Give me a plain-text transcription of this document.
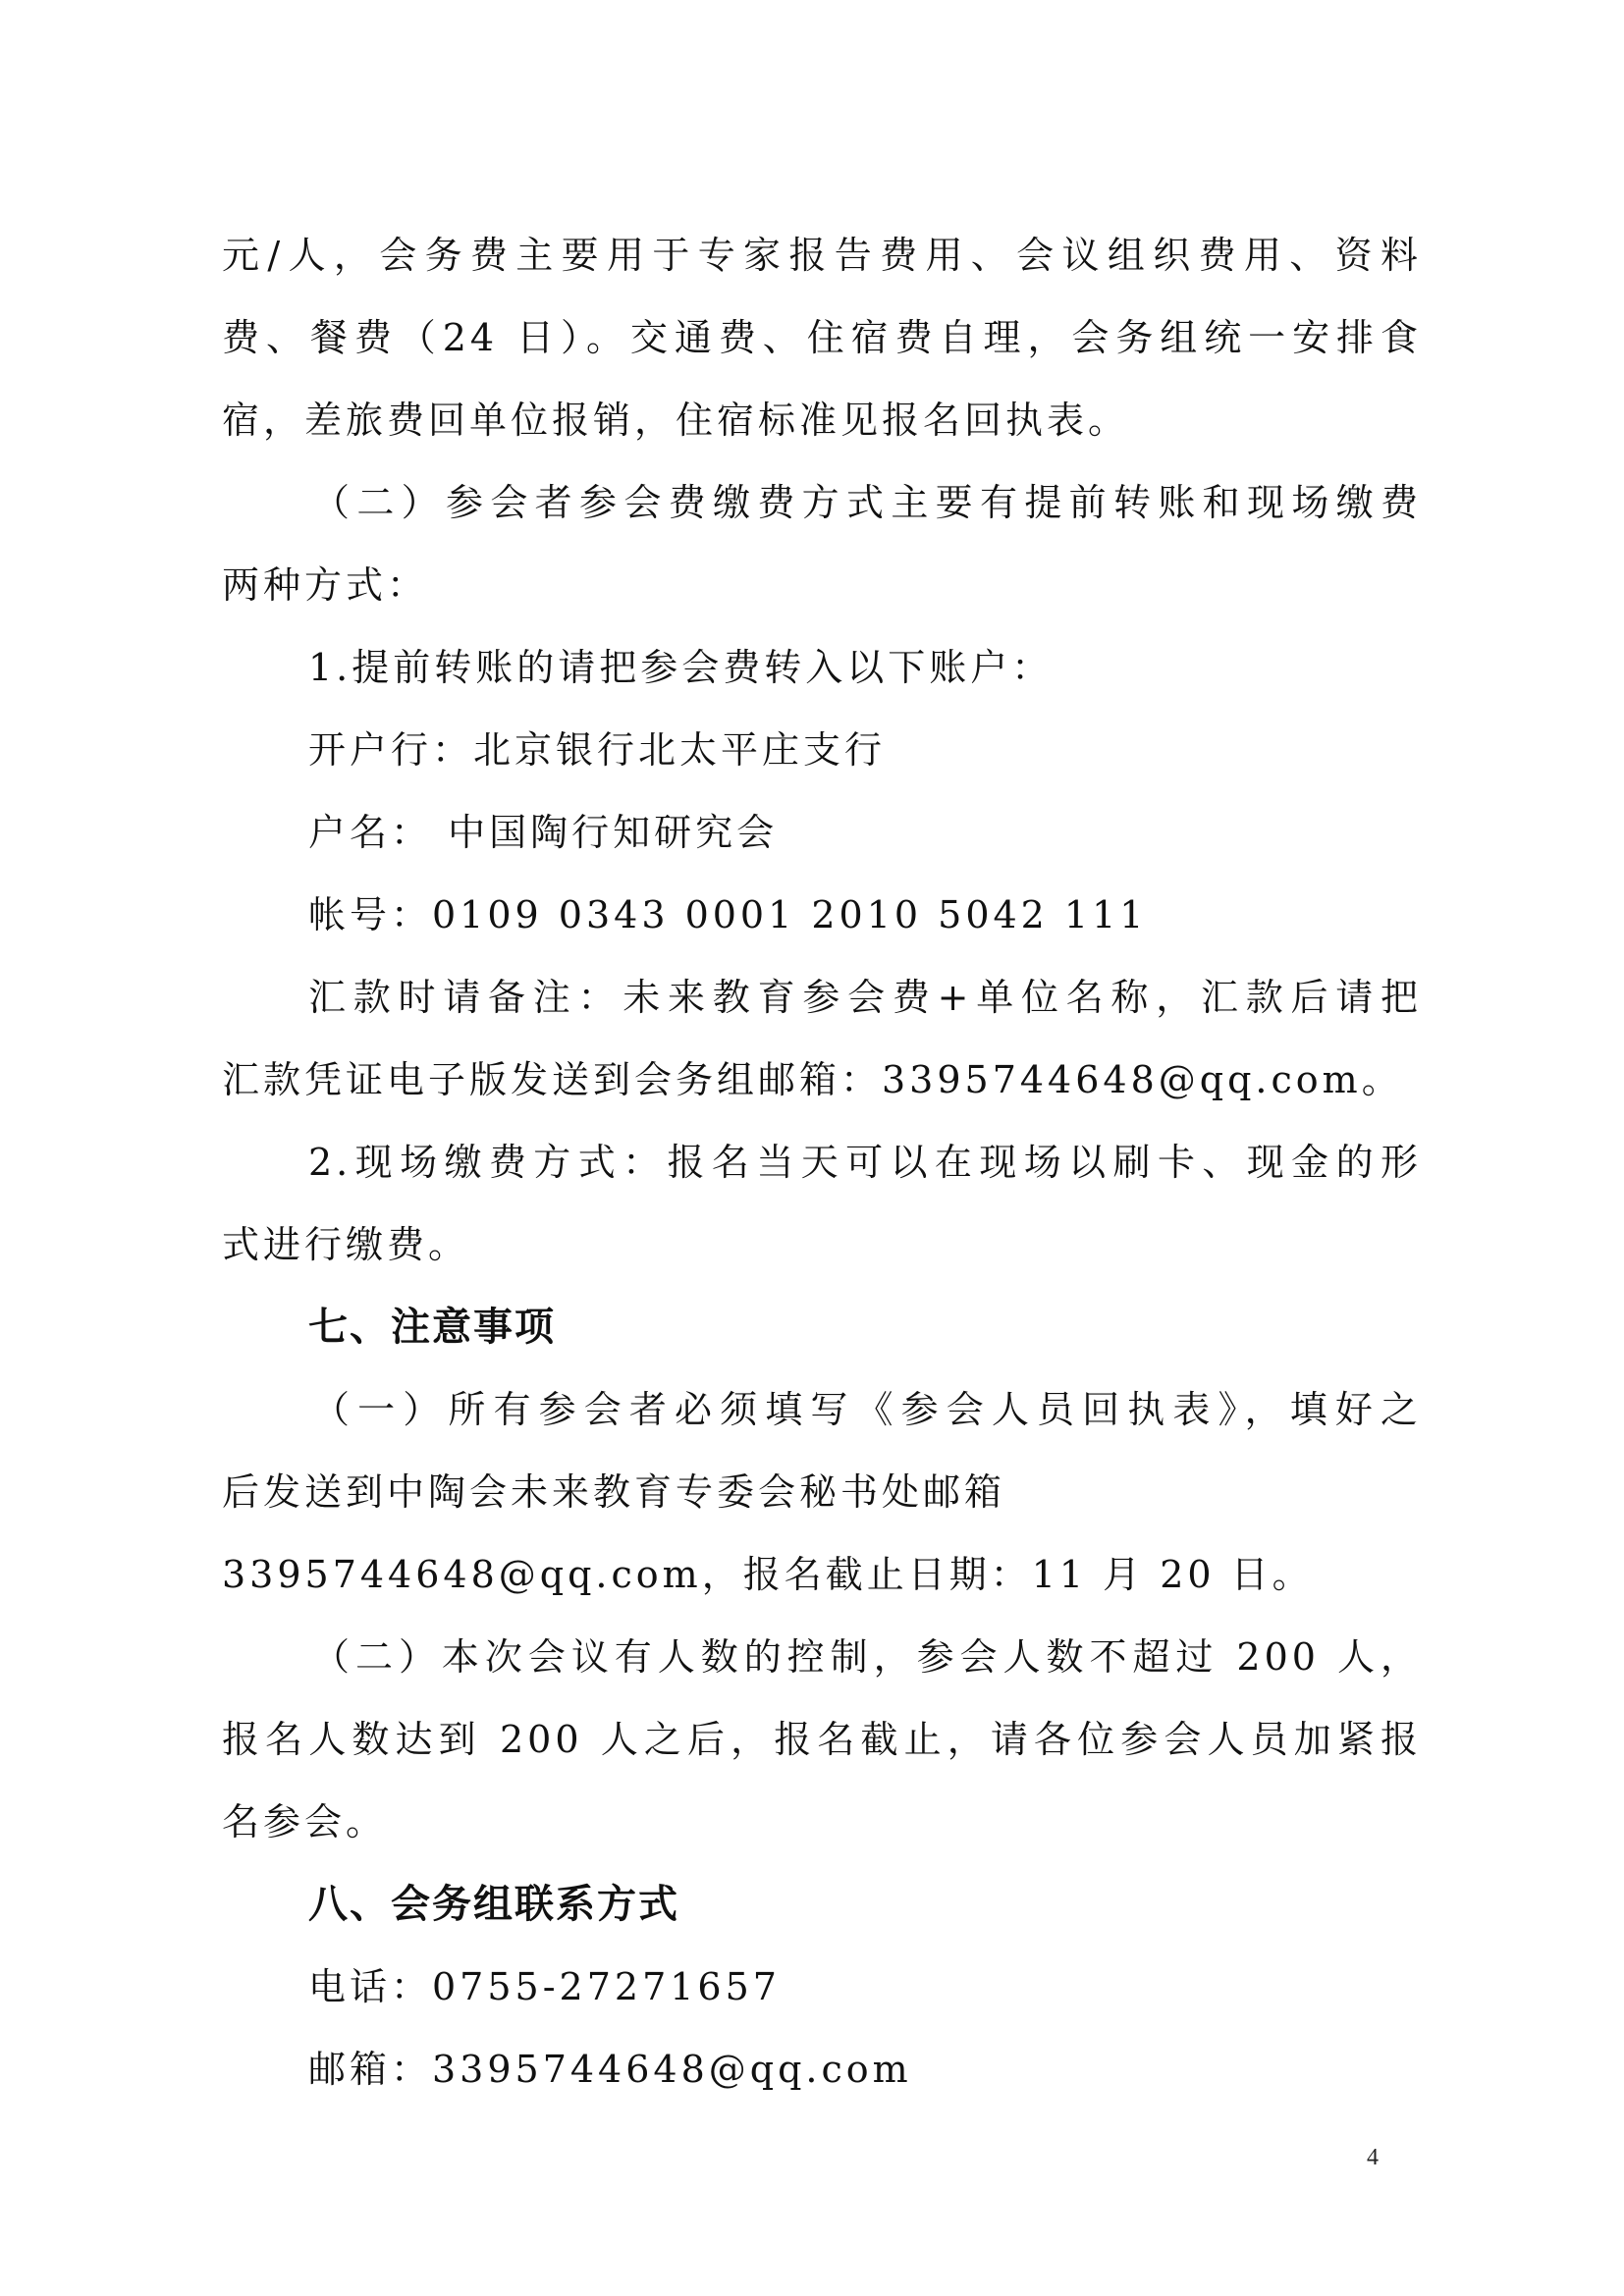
元/人，会务费主要用于专家报告费用、会议组织费用、资料
费、餐费（24 日）。交通费、住宿费自理，会务组统一安排食
宿，差旅费回单位报销，住宿标准见报名回执表。
（二）参会者参会费缴费方式主要有提前转账和现场缴费
两种方式：
1.提前转账的请把参会费转入以下账户：
开户行：北京银行北太平庄支行
户名： 中国陶行知研究会
帐号：0109 0343 0001 2010 5042 111
汇款时请备注：未来教育参会费+单位名称，汇款后请把
汇款凭证电子版发送到会务组邮箱：3395744648@qq.com。
2.现场缴费方式：报名当天可以在现场以刷卡、现金的形
式进行缴费。
七、注意事项
（一）所有参会者必须填写《参会人员回执表》，填好之
后发送到中陶会未来教育专委会秘书处邮箱
3395744648@qq.com，报名截止日期：11 月 20 日。
（二）本次会议有人数的控制，参会人数不超过 200 人，
报名人数达到 200 人之后，报名截止，请各位参会人员加紧报
名参会。
八、会务组联系方式
电话：0755-27271657
邮箱：3395744648@qq.com
4
